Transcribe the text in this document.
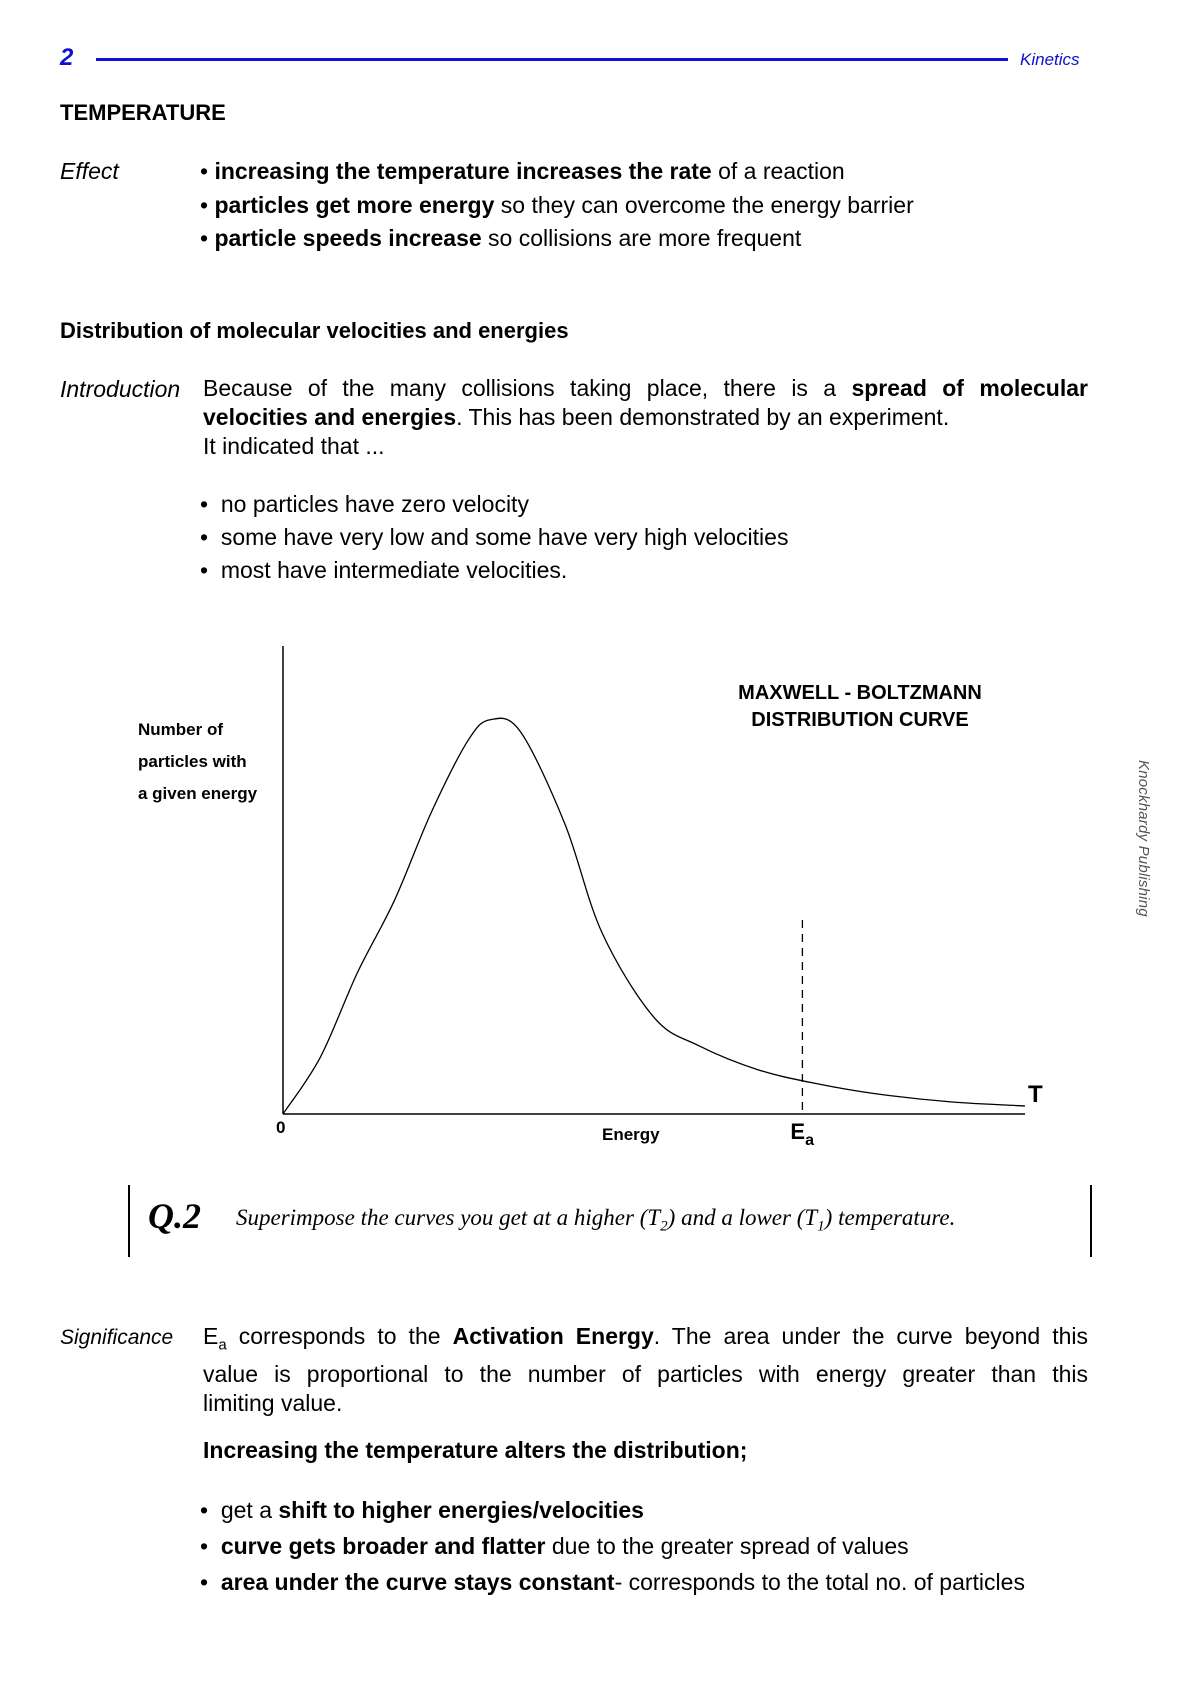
2	Kinetics
Knockhardy Publishing
TEMPERATURE
Effect	• increasing the temperature increases the rate of a reaction
• particles get more energy so they can overcome the energy barrier
• particle speeds increase so collisions are more frequent
Distribution of molecular velocities and energies
Introduction Because of the many collisions taking place, there is a spread of molecular
velocities and energies. This has been demonstrated by an experiment.
It indicated that ...
•  no particles have zero velocity
•  some have very low and some have very high velocities
•  most have intermediate velocities.
MAXWELL - BOLTZMANN
DISTRIBUTION CURVE
Number of
particles with
a given energy
0	Energy	$E_a$
T
Q.2 Superimpose the curves you get at a higher $(T_2)$ and a lower $(T_1)$ temperature.
Significance $E_a$ corresponds to the Activation Energy. The area under the curve beyond this
value is proportional to the number of particles with energy greater than this
limiting value.
Increasing the temperature alters the distribution;
•  get a shift to higher energies/velocities
•  curve gets broader and flatter due to the greater spread of values
•  area under the curve stays constant- corresponds to the total no. of particles
